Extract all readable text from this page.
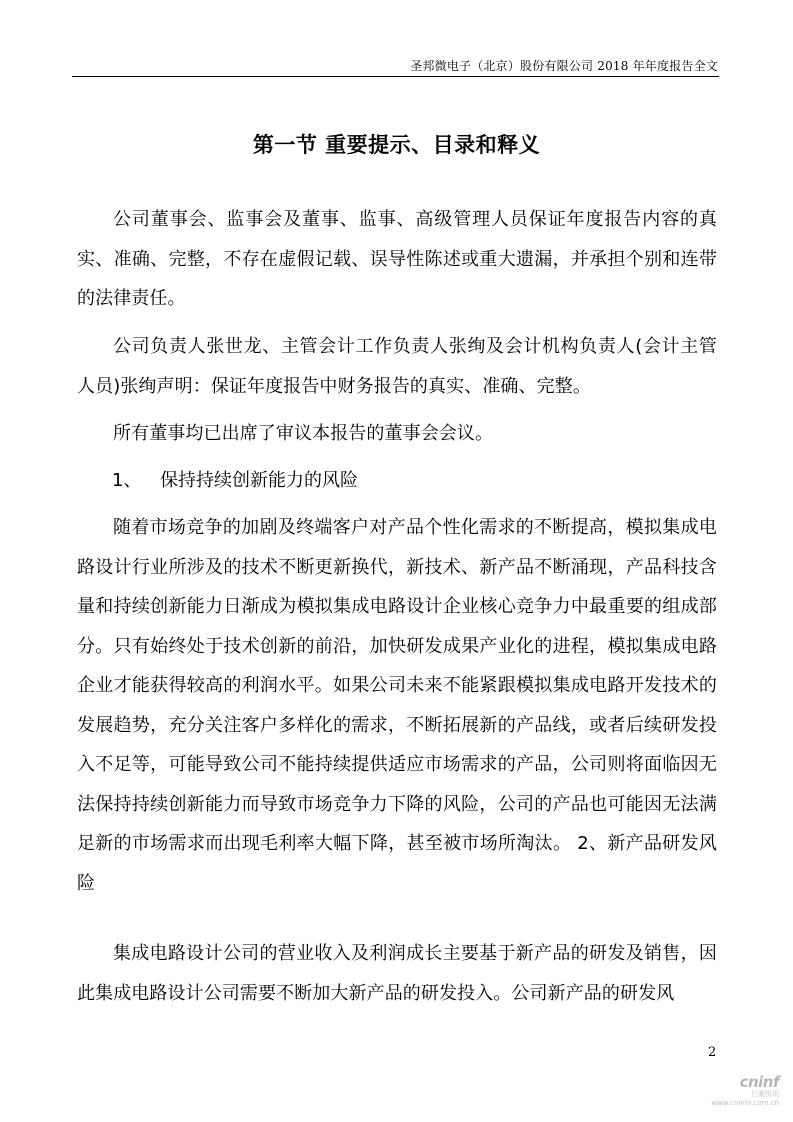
圣邦微电子（北京）股份有限公司 2018 年年度报告全文
第一节 重要提示、目录和释义

公司董事会、监事会及董事、监事、高级管理人员保证年度报告内容的真实、准确、完整，不存在虚假记载、误导性陈述或重大遗漏，并承担个别和连带的法律责任。

公司负责人张世龙、主管会计工作负责人张绚及会计机构负责人(会计主管人员)张绚声明：保证年度报告中财务报告的真实、准确、完整。

所有董事均已出席了审议本报告的董事会会议。

1、 保持持续创新能力的风险

随着市场竞争的加剧及终端客户对产品个性化需求的不断提高，模拟集成电路设计行业所涉及的技术不断更新换代，新技术、新产品不断涌现，产品科技含量和持续创新能力日渐成为模拟集成电路设计企业核心竞争力中最重要的组成部分。只有始终处于技术创新的前沿，加快研发成果产业化的进程，模拟集成电路企业才能获得较高的利润水平。如果公司未来不能紧跟模拟集成电路开发技术的发展趋势，充分关注客户多样化的需求，不断拓展新的产品线，或者后续研发投入不足等，可能导致公司不能持续提供适应市场需求的产品，公司则将面临因无法保持持续创新能力而导致市场竞争力下降的风险，公司的产品也可能因无法满足新的市场需求而出现毛利率大幅下降，甚至被市场所淘汰。 2、新产品研发风险

集成电路设计公司的营业收入及利润成长主要基于新产品的研发及销售，因此集成电路设计公司需要不断加大新产品的研发投入。公司新产品的研发风

2
cninf
巨潮资讯
www.cninfo.com.cn
